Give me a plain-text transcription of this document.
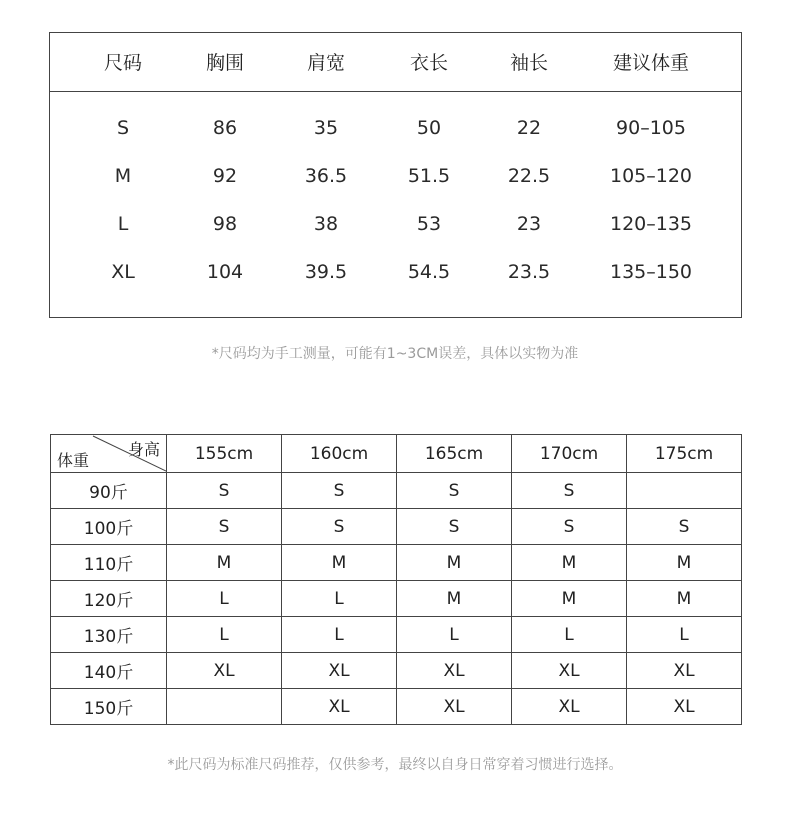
尺码	胸围	肩宽	衣长	袖长	建议体重
S	86	35	50	22	90–105
M	92	36.5	51.5	22.5	105–120
L	98	38	53	23	120–135
XL	104	39.5	54.5	23.5	135–150
*尺码均为手工测量，可能有1~3CM误差，具体以实物为准
身高
体重	155cm	160cm	165cm	170cm	175cm
90斤	S	S	S	S	
100斤	S	S	S	S	S
110斤	M	M	M	M	M
120斤	L	L	M	M	M
130斤	L	L	L	L	L
140斤	XL	XL	XL	XL	XL
150斤		XL	XL	XL	XL
*此尺码为标准尺码推荐，仅供参考，最终以自身日常穿着习惯进行选择。
